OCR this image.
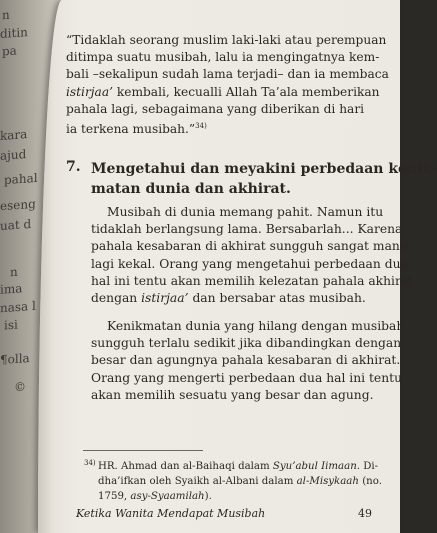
n
ditin
pa
kara
ajud
pahal
eseng
uat d
n
ima
nasa l
isi
¶olla
©
“Tidaklah seorang muslim laki-laki atau perempuan
ditimpa suatu musibah, lalu ia mengingatnya kem-
bali –sekalipun sudah lama terjadi– dan ia membaca
istirjaa’ kembali, kecualli Allah Ta’ala memberikan
pahala lagi, sebagaimana yang diberikan di hari
ia terkena musibah.”$^{34)}$
7. Mengetahui dan meyakini perbedaan kenik-
matan dunia dan akhirat.
Musibah di dunia memang pahit. Namun itu
tidaklah berlangsung lama. Bersabarlah... Karena
pahala kesabaran di akhirat sungguh sangat manis
lagi kekal. Orang yang mengetahui perbedaan dua
hal ini tentu akan memilih kelezatan pahala akhirat
dengan istirjaa’ dan bersabar atas musibah.
Kenikmatan dunia yang hilang dengan musibah
sungguh terlalu sedikit jika dibandingkan dengan
besar dan agungnya pahala kesabaran di akhirat.
Orang yang mengerti perbedaan dua hal ini tentu
akan memilih sesuatu yang besar dan agung.
34) HR. Ahmad dan al-Baihaqi dalam Syu’abul Iimaan. Di-
dha’ifkan oleh Syaikh al-Albani dalam al-Misykaah (no.
1759, asy-Syaamilah).
Ketika Wanita Mendapat Musibah	49
